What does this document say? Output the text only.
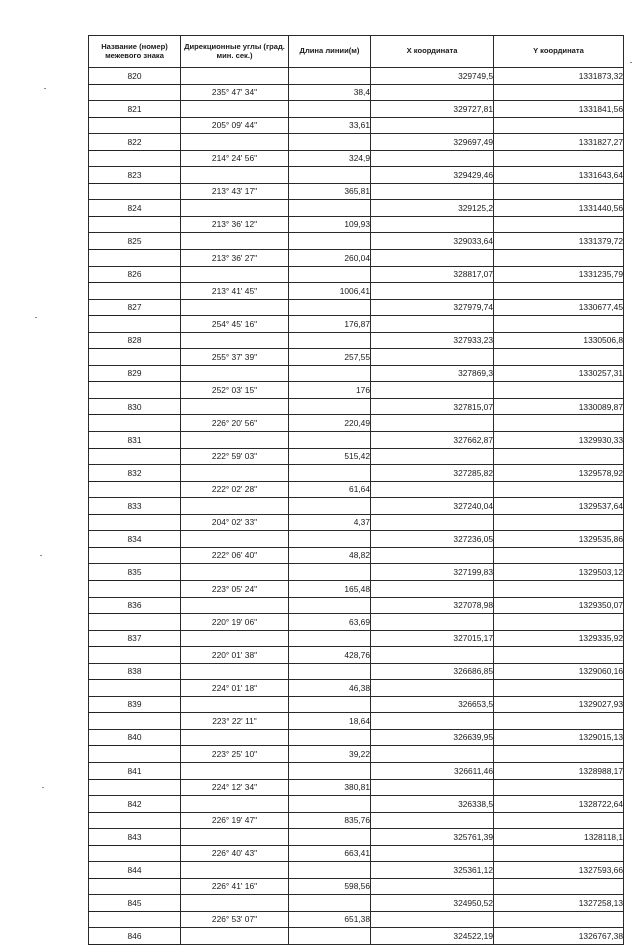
Название (номер) межевого знака	Дирекционные углы (град. мин. сек.)	Длина линии(м)	X координата	Y координата
820			329749,5	1331873,32
	235° 47' 34"	38,4		
821			329727,81	1331841,56
	205° 09' 44"	33,61		
822			329697,49	1331827,27
	214° 24' 56"	324,9		
823			329429,46	1331643,64
	213° 43' 17"	365,81		
824			329125,2	1331440,56
	213° 36' 12"	109,93		
825			329033,64	1331379,72
	213° 36' 27"	260,04		
826			328817,07	1331235,79
	213° 41' 45"	1006,41		
827			327979,74	1330677,45
	254° 45' 16"	176,87		
828			327933,23	1330506,8
	255° 37' 39"	257,55		
829			327869,3	1330257,31
	252° 03' 15"	176		
830			327815,07	1330089,87
	226° 20' 56"	220,49		
831			327662,87	1329930,33
	222° 59' 03"	515,42		
832			327285,82	1329578,92
	222° 02' 28"	61,64		
833			327240,04	1329537,64
	204° 02' 33"	4,37		
834			327236,05	1329535,86
	222° 06' 40"	48,82		
835			327199,83	1329503,12
	223° 05' 24"	165,48		
836			327078,98	1329350,07
	220° 19' 06"	63,69		
837			327015,17	1329335,92
	220° 01' 38"	428,76		
838			326686,85	1329060,16
	224° 01' 18"	46,38		
839			326653,5	1329027,93
	223° 22' 11"	18,64		
840			326639,95	1329015,13
	223° 25' 10"	39,22		
841			326611,46	1328988,17
	224° 12' 34"	380,81		
842			326338,5	1328722,64
	226° 19' 47"	835,76		
843			325761,39	1328118,1
	226° 40' 43"	663,41		
844			325361,12	1327593,66
	226° 41' 16"	598,56		
845			324950,52	1327258,13
	226° 53' 07"	651,38		
846			324522,19	1326767,38
